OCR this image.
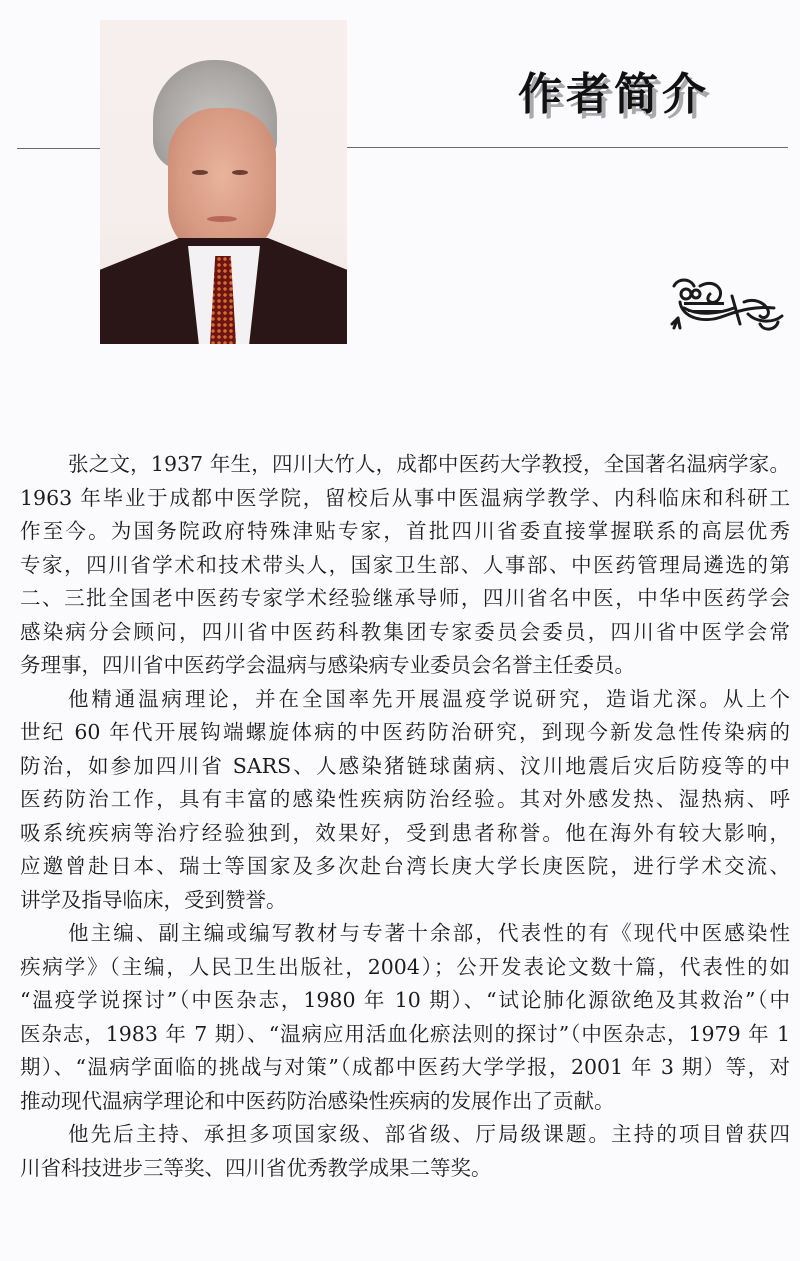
作者简介

张之文，1937 年生，四川大竹人，成都中医药大学教授，全国著名温病学家。
1963 年毕业于成都中医学院，留校后从事中医温病学教学、内科临床和科研工
作至今。为国务院政府特殊津贴专家，首批四川省委直接掌握联系的高层优秀
专家，四川省学术和技术带头人，国家卫生部、人事部、中医药管理局遴选的第
二、三批全国老中医药专家学术经验继承导师，四川省名中医，中华中医药学会
感染病分会顾问，四川省中医药科教集团专家委员会委员，四川省中医学会常
务理事，四川省中医药学会温病与感染病专业委员会名誉主任委员。

他精通温病理论，并在全国率先开展温疫学说研究，造诣尤深。从上个
世纪 60 年代开展钩端螺旋体病的中医药防治研究，到现今新发急性传染病的
防治，如参加四川省 SARS、人感染猪链球菌病、汶川地震后灾后防疫等的中
医药防治工作，具有丰富的感染性疾病防治经验。其对外感发热、湿热病、呼
吸系统疾病等治疗经验独到，效果好，受到患者称誉。他在海外有较大影响，
应邀曾赴日本、瑞士等国家及多次赴台湾长庚大学长庚医院，进行学术交流、
讲学及指导临床，受到赞誉。

他主编、副主编或编写教材与专著十余部，代表性的有《现代中医感染性
疾病学》（主编，人民卫生出版社，2004）；公开发表论文数十篇，代表性的如
“温疫学说探讨”（中医杂志，1980 年 10 期）、“试论肺化源欲绝及其救治”（中
医杂志，1983 年 7 期）、“温病应用活血化瘀法则的探讨”（中医杂志，1979 年 1
期）、“温病学面临的挑战与对策”（成都中医药大学学报，2001 年 3 期）等，对
推动现代温病学理论和中医药防治感染性疾病的发展作出了贡献。

他先后主持、承担多项国家级、部省级、厅局级课题。主持的项目曾获四
川省科技进步三等奖、四川省优秀教学成果二等奖。
